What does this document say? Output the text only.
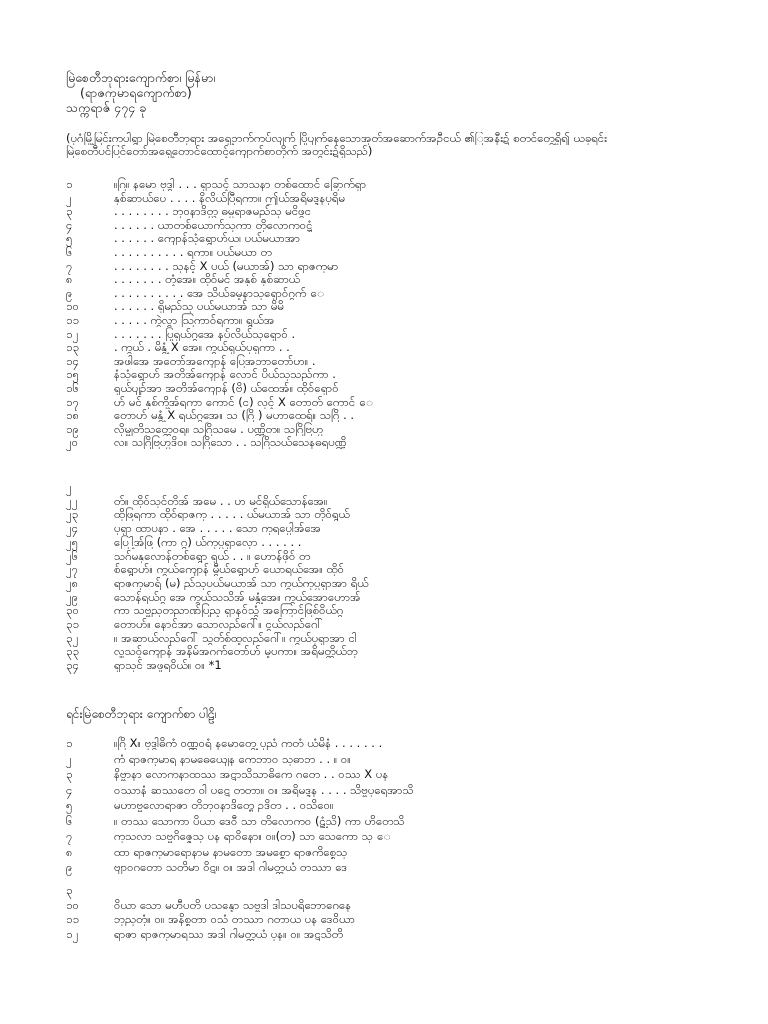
မြဲစေတီဘုရားကျောက်စာ၊ မြန်မာ၊
(ရာဇကုမာရကျောက်စာ)
သက္ကရာဇ် ၄၇၄ ခု
(ပုဂံမြို့မြင်းကပါရွာ မြဲစေတီဘုရား အရှေ့ဘက်ကပ်လျက် ပြိုပျက်နေသောအုတ်အဆောက်အဦငယ် ၏ြအနီး၌ စတင်တွေ့ရှိ၍ ယခုရင်း
မြဲစေတီပင်ပြင်တော်အရှေ့တောင်ထောင့်ကျောက်စာတိုက် အတွင်း၌ရှိသည်)
၁	။ဂြ။ နမော ဗုဒ္ဓါ . . . ရှာသင့် သာသနာ တစ်ထောင် ခြောက်ရှာ
၂	နှစ်ဆာယ်ပေ . . . . နိလိယ်ပြီရကာ။ ဤယ်အရိမဒ္ဒနပုရိမ
၃	. . . . . . . . ဘုဝနာဒိတ္ယ ဓမ္မရာဇမည်သှ မငိဖွင
၄	. . . . . . ယာတစ်ယောက်သုကာ တိုလောကဝဋ္ဋံ
၅	. . . . . . ကျောန်သုံရွောဟ်ယ၊ ပယ်မယာအာ
၆	. . . . . . . . . . ရကာ။ ပယ်မယာ တ
၇	. . . . . . . . သုနင့် X ပယ် (မယာအ်) သာ ရာဇကုမာ
၈	. . . . . . . တံ့အေ။ ထိုဝ်မင် အနှစ် နှစ်ဆာယ်
၉	. . . . . . . . . . အေ သိယ်ခမှုနာသုရှော၀်ဂွက် ေ
၁၀	. . . . . . ရှိမည်သု ပယ်မယာအ် သာ မိမိ
၁၁	. . . . . ကွဲလွှာ ဩကာဝ်ရကာ။ ရွယ်အ
၁၂	. . . . . . . ပြုရှယ်ဂွအေ နပ်လိယ်သုရှောဝ် .
၁၃	. ကွယ် . မိနွံ့ X အေ။ ကွယ်ရှယ်ပုရှကာ . .
၁၄	အဖါအေ အတော်အကျောန် ပြေအဘာတော်ဟ။ .
၁၅	နံသုံရွောဟ် အတိအ်ကျောန် လောင် ပိယ်သုသည်ကာ .
၁၆	ရှယ်ပျဉ်အာ အတိအ်ကျောန် (ဗိ) ယ်ထေအ်။ ထိုဝ်ရှောဝ်
၁၇	ဟ် မင် နှစ်ကို့အ်ရကာ ကောင် (င) လှင့် X တောတ် ကောင် ေ
၁၈	တောဟ် မနွံ့ X ရယ်ဂွအေ။ သ (ဂြိ ) မဟာထေရ်။ သဂြိ . .
၁၉	လိုမ္ဗုတိသတ္တေ၀ရ။ သဂြိသမေ . ပဏ္ဍိတ။ သဂြိဗြဟ္မ
၂၀	လ။ သဂြိဗြဟ္မဒိဝ။ သဂြိသော . . သဂြိသယ်သေနဓရပဏ္ဍိ
၂
၂၂	တ်။ ထိုဝ်သှင်တိအ် အမေ . . ဟ မင်ရှိယ်သောန်အေ။
၂၃	ထိုဖြရကာ ထိုဝ်ရာဇကု . . . . . ယ်မယာအ် သာ တိုဝ်ရွယ်
၂၄	ပုရှာ ထာပနာ . အေ . . . . . သော ကုရပ္ပေါအ်အေ
၂၅	ပြေါ့အ်ဖြ (ကာ ဂ္ဂ) ယ်ကုပ္ပရှာလှော . . . . . .
၂၆	သဂ်မနှလောန်တစ်ရွော ရှယ် . . ။ ဟောန်ဖိုဝ် တ
၂၇	စ်ရွောဟ်။ ကွယ်ကျောန် မွှီယ်ရွောဟ် ယောရယ်အေ။ ထိုဝ်
၂၈	ရာဇကုမာရ် (မ) ည်သုပယ်မယာအ် သာ ကွယ်ကုပ္ပရှာအာ ရိယ်
၂၉	သောန်ရယ်ဂွ အေ ကွယ်သသိအ် မနွံ့အေ။ ကွယ်အောဟောအ်
၃၀	ကာ သဗ္ဗညုတညာဏ်ပြည့ ရှာနဝ်သွံ အကြောင်ဖြစ်ဝိယ်ဂွ
၃၁	တောဟ်။ နောင်အာ သောလည်ဂေါ်။ ငွယ်လည်ဂေါ်
၃၂	။ အဆာယ်လည်ဂေါ် သွတ်စ်ထူလည်ဂေါ်။ ကွယ်ပုရှာအာ ငါ
၃၃	လှူသဝ့်ကျောန် အနိမ်အဂက်တော်ဟ် မူပကာ။ အရိမတ္တိယ်ဘု
၃၄	ရှာသှင် အဖူရဝိယ်။ ဝ။ *1
ရင်းမြဲစေတီဘုရား ကျောက်စာ ပါဠိ၊
၁	။ဂြိ X။ ဗုဒ္ဓါဓိကံ ဝဏ္ဏဝရံ နမောတွေ့ ပုညံ ကတံ ယံမိနံ . . . . . . .
၂	ကံ ရာဇကုမာရ နာမဓေယျေန ကေဘာဝ သုဓာဘ . . ။ ဝ။
၃	နိဗ္ဗာနာ လောကနာထဿ အဋ္ဌာသိသာဓိကေ ဂတေ . . ဝဿ X ပန
၄	ဝဿာနံ ဆဿတေ ဝါ ပဋ္ဌေ တတာ။ ဝ။ အရိမဒ္ဒန . . . . သိဗ္ဗပုရေအာသိ
၅	မဟာဗ္ဗလောရာဇာ တိဘုဝနာဒိတ္တွေ ဥဒိတ . . ဝသိဝေ။
၆	။ တဿ သောကာ ပိယာ ဒေဝီ သာ တိလောကဝ (ဋံ့သိ) ကာ ဟိတေသိ
၇	ကုသလာ သဗ္ဗဂိဇ္ဇေသု ပန ရာဝိနော။ ဝ။(တ) သာ သေကော သု ေ
၈	ထာ ရာဇကုမာရောနာမ နာမတော အမစ္စော ရာဇကိစ္စေသု
၉	ဗျာဝဂတော သတိမာ ဝိဋ္ဌ။ ဝ။ အဒါ ဂါမတ္တယံ တဿာ ဒေ
၃
၁၀	ဝိယာ သော မဟီပတိ ပသန္နော သဗ္ဗဒါ ဒါသပရိဘောဂေနေ
၁၁	ဘုညုတုံ။ ဝ။ အနိစ္စတာ ဝသံ တဿာ ဂတာယ ပန ဒေဝိယာ
၁၂	ရာဇာ ရာဇကုမာရဿ အဒါ ဂါမတ္တယံ ပုန။ ဝ။ အဋ္ဌသိတိ
